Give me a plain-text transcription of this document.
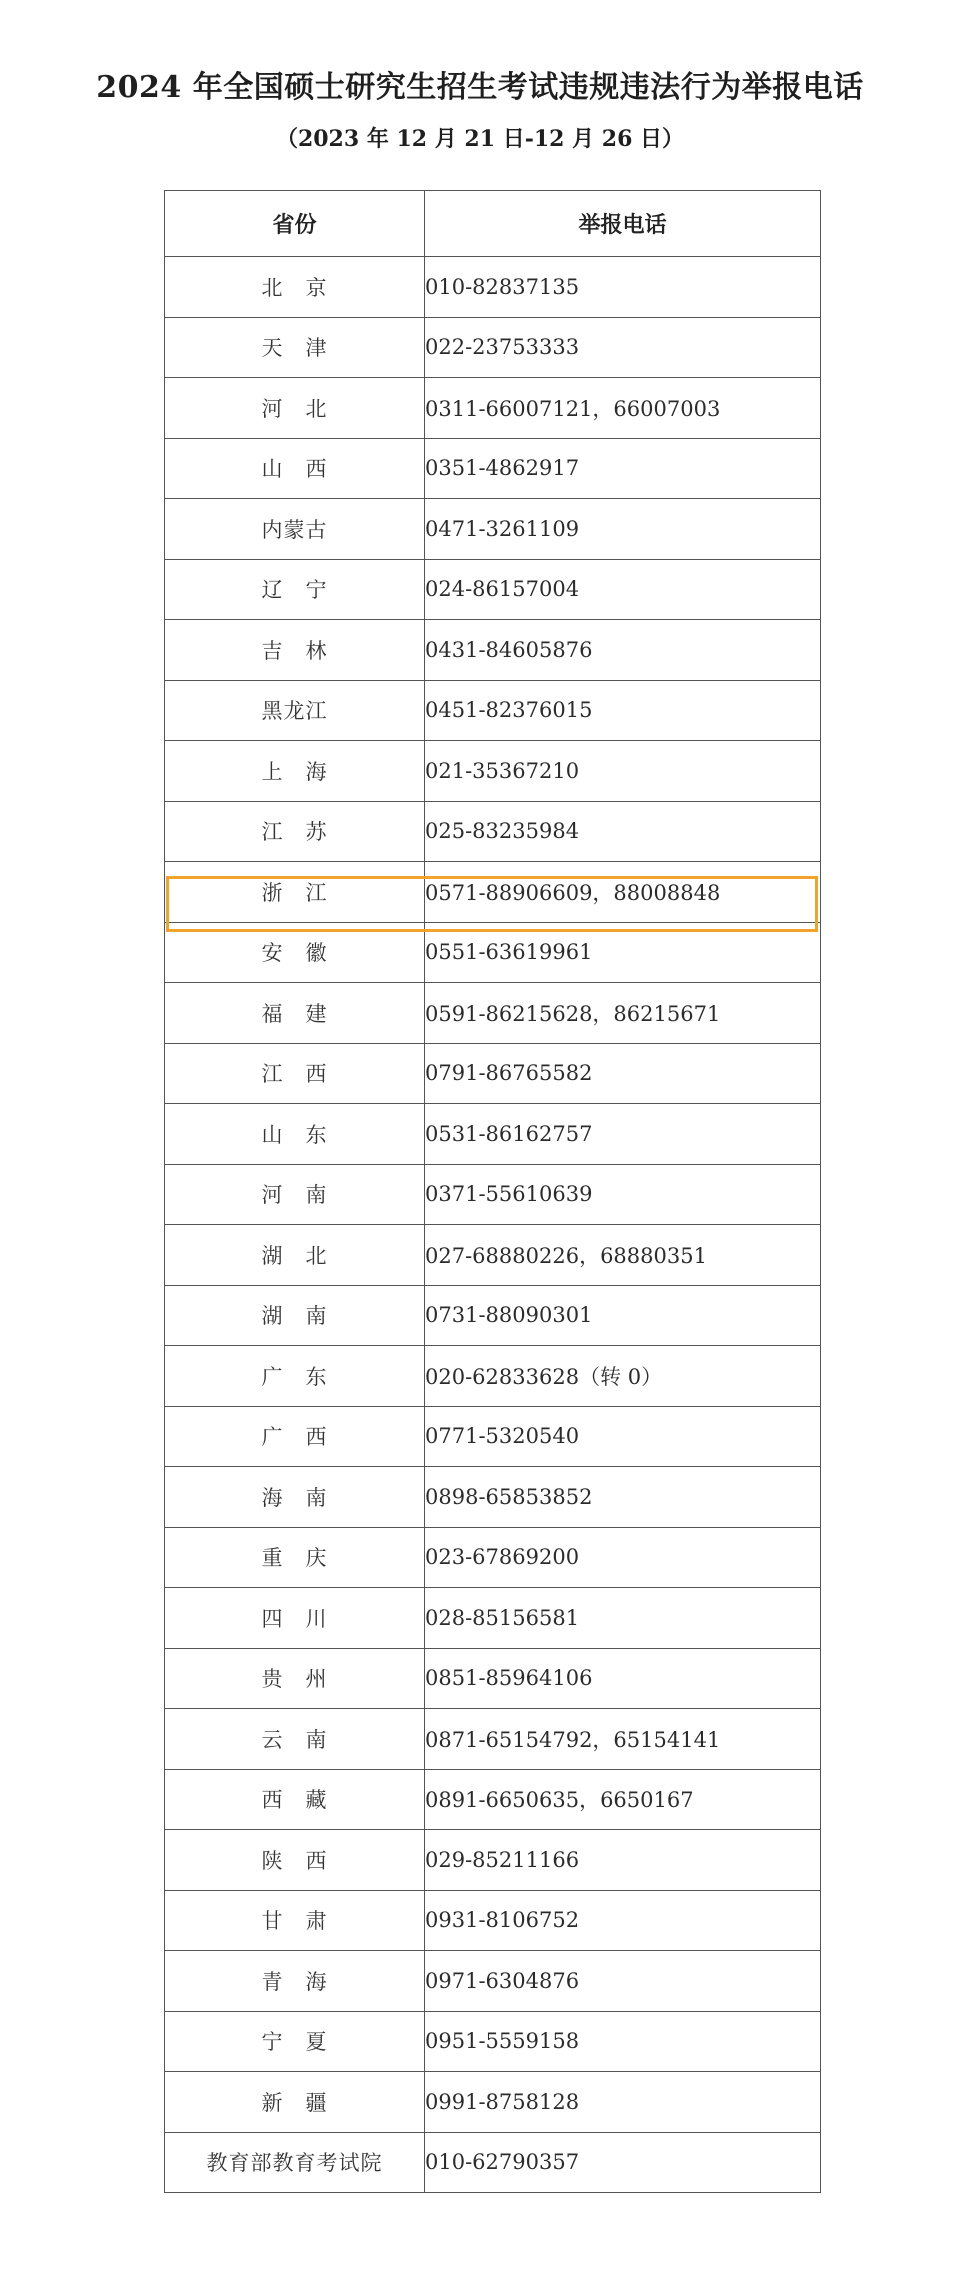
2024 年全国硕士研究生招生考试违规违法行为举报电话
（2023 年 12 月 21 日-12 月 26 日）
省份	举报电话
北　京	010-82837135
天　津	022-23753333
河　北	0311-66007121，66007003
山　西	0351-4862917
内蒙古	0471-3261109
辽　宁	024-86157004
吉　林	0431-84605876
黑龙江	0451-82376015
上　海	021-35367210
江　苏	025-83235984
浙　江	0571-88906609，88008848
安　徽	0551-63619961
福　建	0591-86215628，86215671
江　西	0791-86765582
山　东	0531-86162757
河　南	0371-55610639
湖　北	027-68880226，68880351
湖　南	0731-88090301
广　东	020-62833628（转 0）
广　西	0771-5320540
海　南	0898-65853852
重　庆	023-67869200
四　川	028-85156581
贵　州	0851-85964106
云　南	0871-65154792，65154141
西　藏	0891-6650635，6650167
陕　西	029-85211166
甘　肃	0931-8106752
青　海	0971-6304876
宁　夏	0951-5559158
新　疆	0991-8758128
教育部教育考试院	010-62790357
